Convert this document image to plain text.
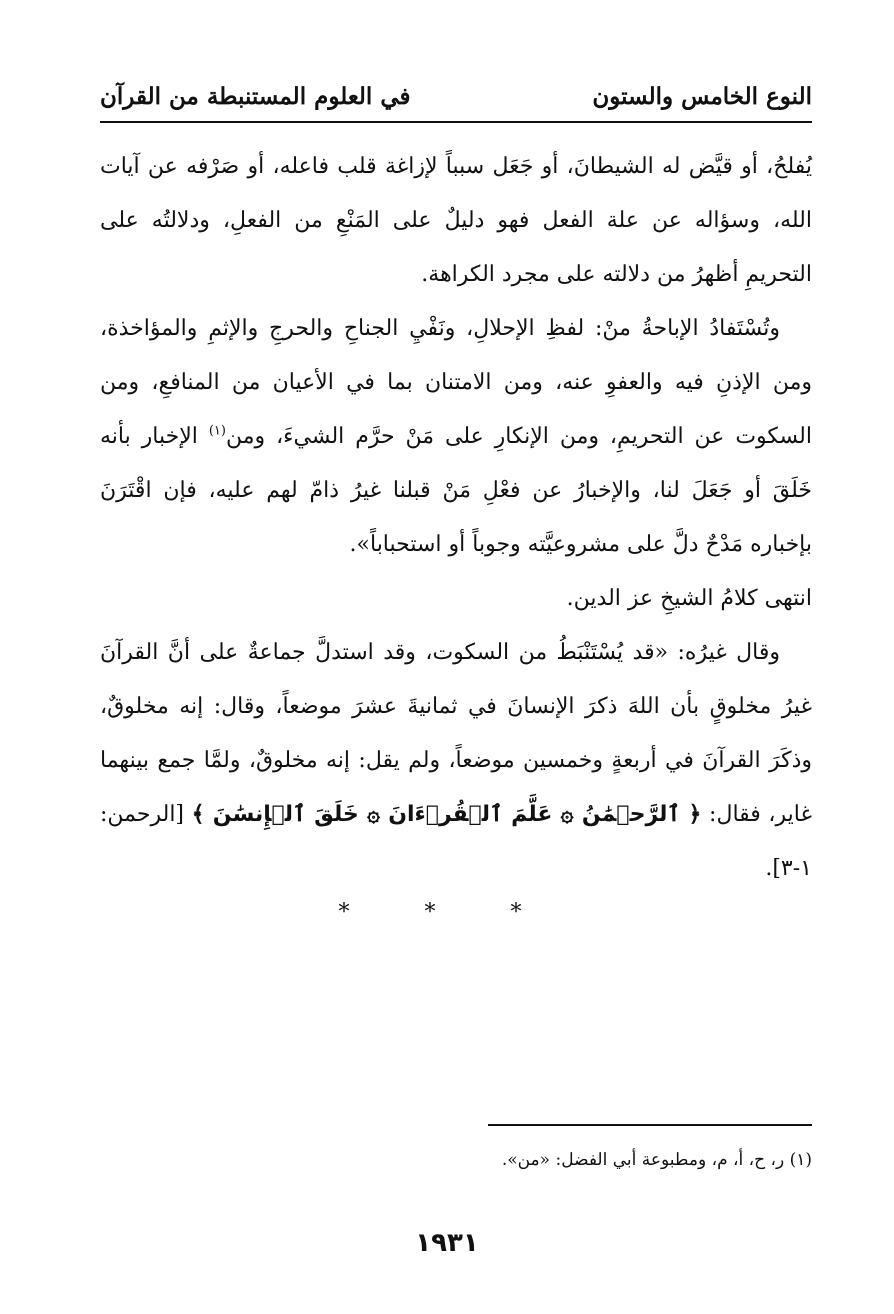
النوع الخامس والستون
في العلوم المستنبطة من القرآن

يُفلحُ، أو قيَّض له الشيطانَ، أو جَعَل سبباً لإزاغة قلب فاعله، أو صَرْفه عن آيات الله، وسؤاله عن علة الفعل فهو دليلٌ على المَنْعِ من الفعلِ، ودلالتُه على التحريمِ أظهرُ من دلالته على مجرد الكراهة.

وتُسْتَفادُ الإباحةُ منْ: لفظِ الإحلالِ، ونَفْيِ الجناحِ والحرجِ والإثمِ والمؤاخذة، ومن الإذنِ فيه والعفوِ عنه، ومن الامتنان بما في الأعيان من المنافعِ، ومن السكوت عن التحريمِ، ومن الإنكارِ على مَنْ حرَّم الشيءَ، ومن$^{(١)}$ الإخبار بأنه خَلَقَ أو جَعَلَ لنا، والإخبارُ عن فعْلِ مَنْ قبلنا غيرُ ذامّ لهم عليه، فإن اقْتَرَنَ بإخباره مَدْحٌ دلَّ على مشروعيَّته وجوباً أو استحباباً».

انتهى كلامُ الشيخِ عز الدين.

وقال غيرُه: «قد يُسْتَنْبَطُ من السكوت، وقد استدلَّ جماعةٌ على أنَّ القرآنَ غيرُ مخلوقٍ بأن اللهَ ذكرَ الإنسانَ في ثمانيةَ عشرَ موضعاً، وقال: إنه مخلوقٌ، وذكَرَ القرآنَ في أربعةٍ وخمسين موضعاً، ولم يقل: إنه مخلوقٌ، ولمَّا جمع بينهما غاير، فقال: ﴿ ٱلرَّحۡمَٰنُ ۞ عَلَّمَ ٱلۡقُرۡءَانَ ۞ خَلَقَ ٱلۡإِنسَٰنَ ﴾ [الرحمن: ١-٣].

* * *
(١) ر، ح، أ، م، ومطبوعة أبي الفضل: «من».
١٩٣١
